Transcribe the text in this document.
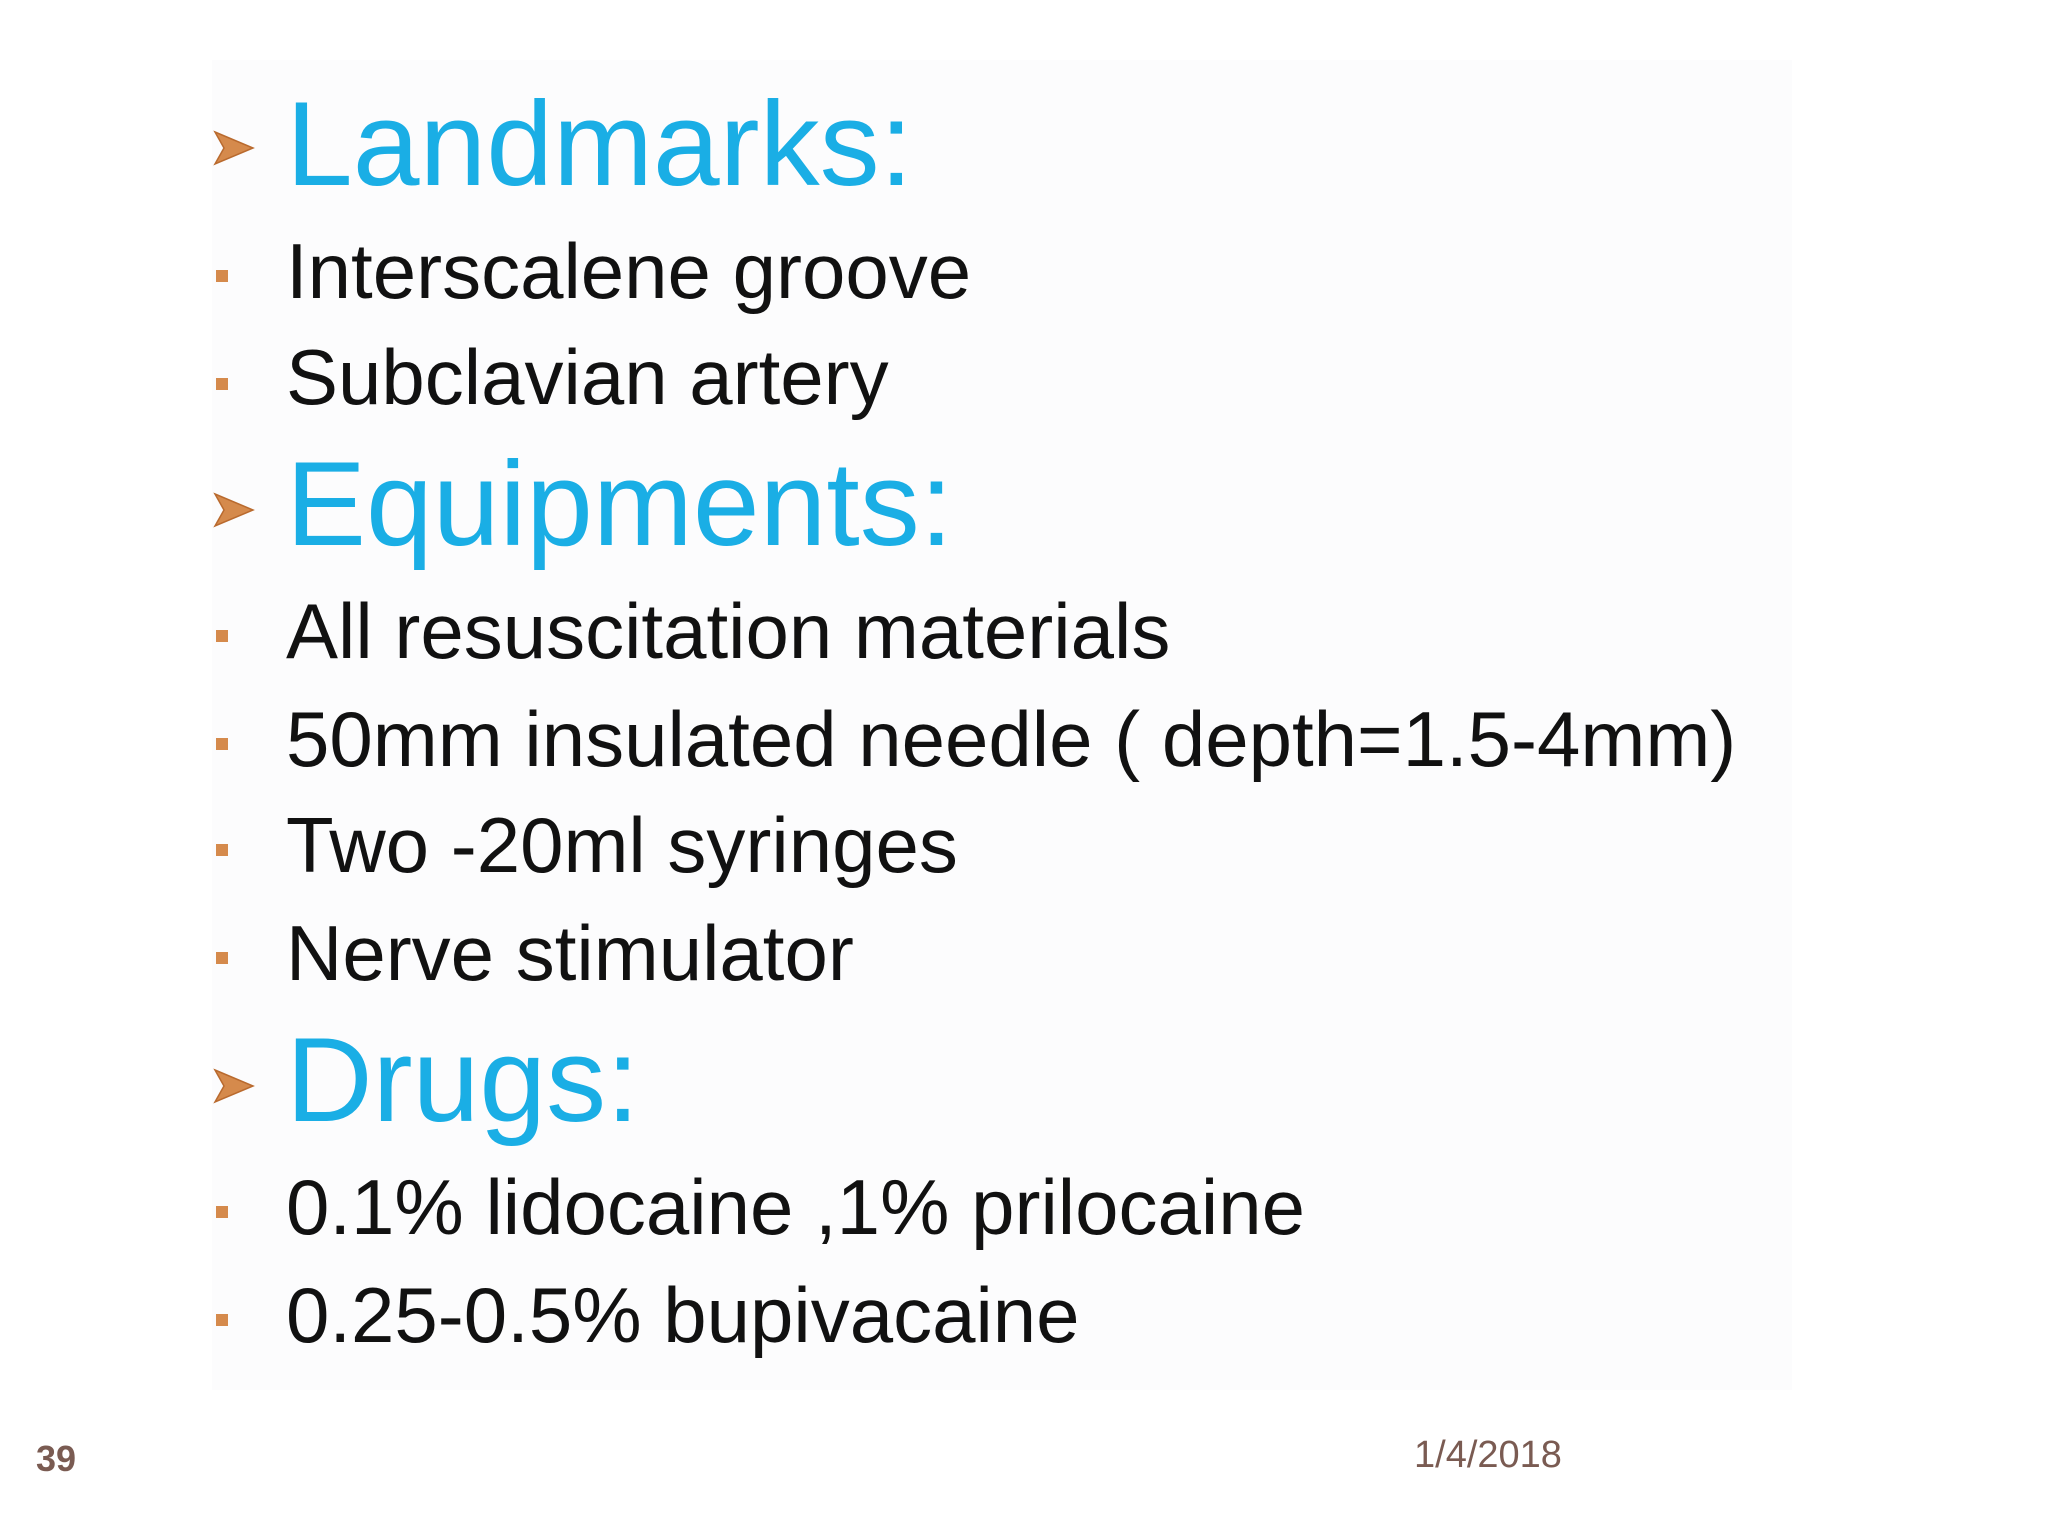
Landmarks:
Interscalene groove
Subclavian artery
Equipments:
All resuscitation materials
50mm insulated needle ( depth=1.5-4mm)
Two -20ml syringes
Nerve stimulator
Drugs:
0.1% lidocaine ,1% prilocaine
0.25-0.5% bupivacaine
39	1/4/2018
